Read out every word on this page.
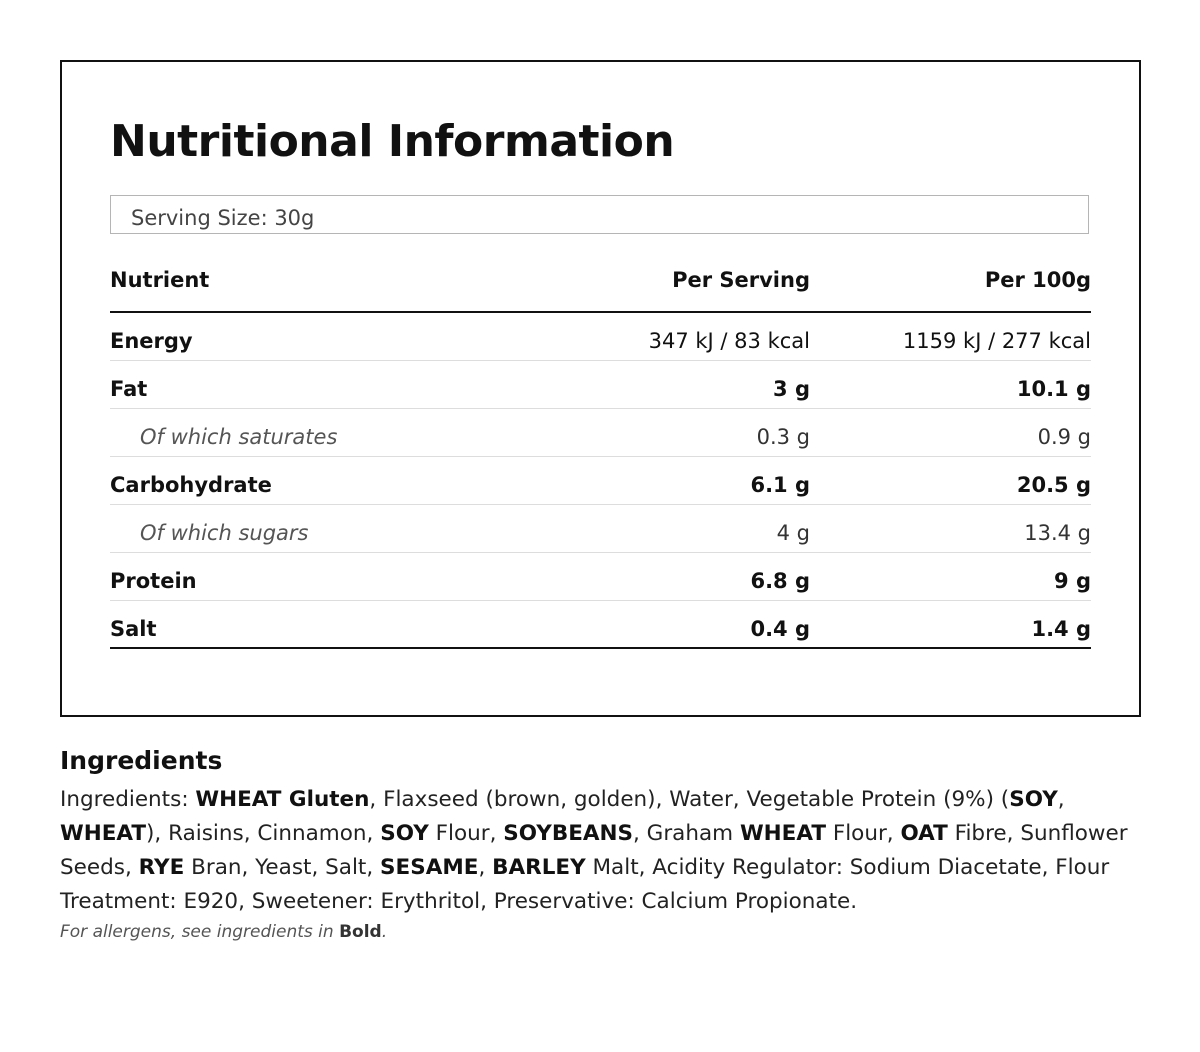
Nutritional Information
Serving Size: 30g
Nutrient	Per Serving	Per 100g
Energy	347 kJ / 83 kcal	1159 kJ / 277 kcal
Fat	3 g	10.1 g
Of which saturates	0.3 g	0.9 g
Carbohydrate	6.1 g	20.5 g
Of which sugars	4 g	13.4 g
Protein	6.8 g	9 g
Salt	0.4 g	1.4 g
Ingredients
Ingredients: WHEAT Gluten, Flaxseed (brown, golden), Water, Vegetable Protein (9%) (SOY, WHEAT), Raisins, Cinnamon, SOY Flour, SOYBEANS, Graham WHEAT Flour, OAT Fibre, Sunflower Seeds, RYE Bran, Yeast, Salt, SESAME, BARLEY Malt, Acidity Regulator: Sodium Diacetate, Flour Treatment: E920, Sweetener: Erythritol, Preservative: Calcium Propionate.
For allergens, see ingredients in Bold.
